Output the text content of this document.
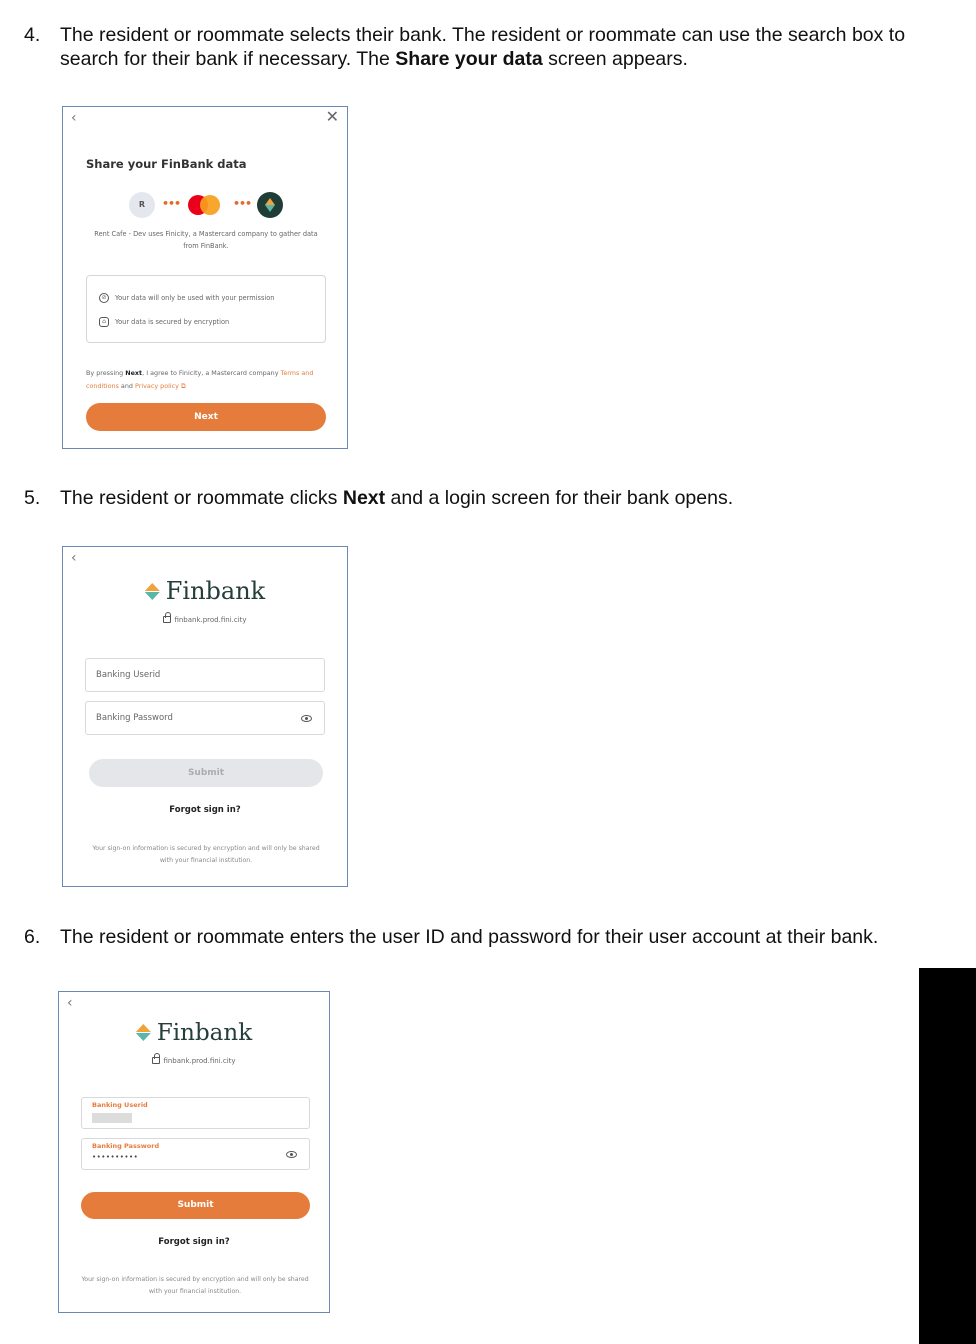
4.	The resident or roommate selects their bank. The resident or roommate can use the search box to search for their bank if necessary. The Share your data screen appears.
‹	✕
Share your FinBank data
R	•••	•••
Rent Cafe - Dev uses Finicity, a Mastercard company to gather data from FinBank.
⊘ Your data will only be used with your permission
⌂ Your data is secured by encryption
By pressing Next, I agree to Finicity, a Mastercard company Terms and conditions and Privacy policy ⧉
Next
5.	The resident or roommate clicks Next and a login screen for their bank opens.
‹
Finbank
finbank.prod.fini.city
Banking Userid
Banking Password
Submit
Forgot sign in?
Your sign-on information is secured by encryption and will only be shared with your financial institution.
6.	The resident or roommate enters the user ID and password for their user account at their bank.
‹
Finbank
finbank.prod.fini.city
Banking Userid
Banking Password
••••••••••
Submit
Forgot sign in?
Your sign-on information is secured by encryption and will only be shared with your financial institution.
